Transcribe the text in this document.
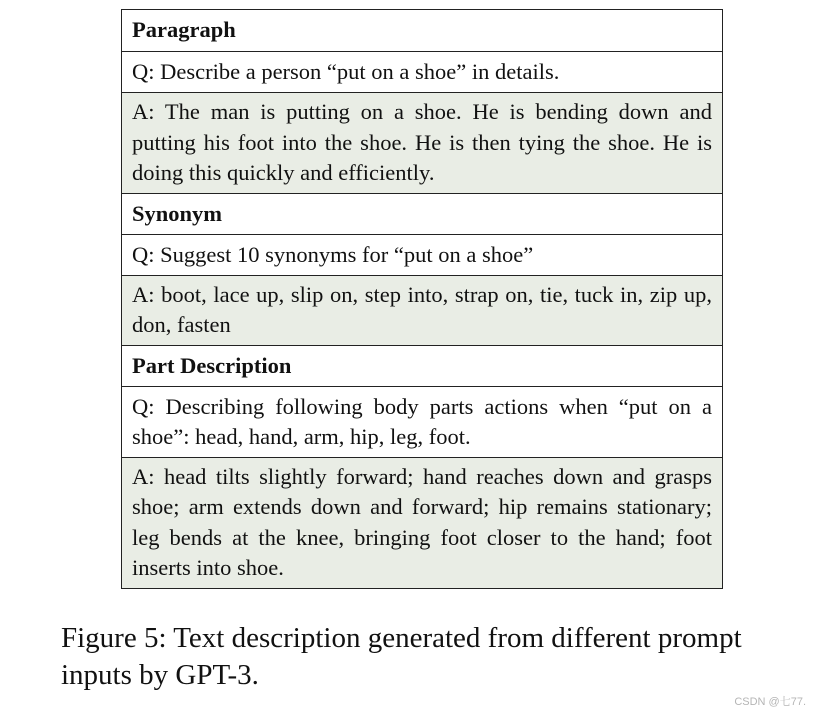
Paragraph
Q: Describe a person “put on a shoe” in details.
A: The man is putting on a shoe. He is bending down and putting his foot into the shoe. He is then tying the shoe. He is doing this quickly and efficiently.
Synonym
Q: Suggest 10 synonyms for “put on a shoe”
A: boot, lace up, slip on, step into, strap on, tie, tuck in, zip up, don, fasten
Part Description
Q: Describing following body parts actions when “put on a shoe”: head, hand, arm, hip, leg, foot.
A: head tilts slightly forward; hand reaches down and grasps shoe; arm extends down and forward; hip remains stationary; leg bends at the knee, bringing foot closer to the hand; foot inserts into shoe.
Figure 5: Text description generated from different prompt inputs by GPT-3.
CSDN @七77.
